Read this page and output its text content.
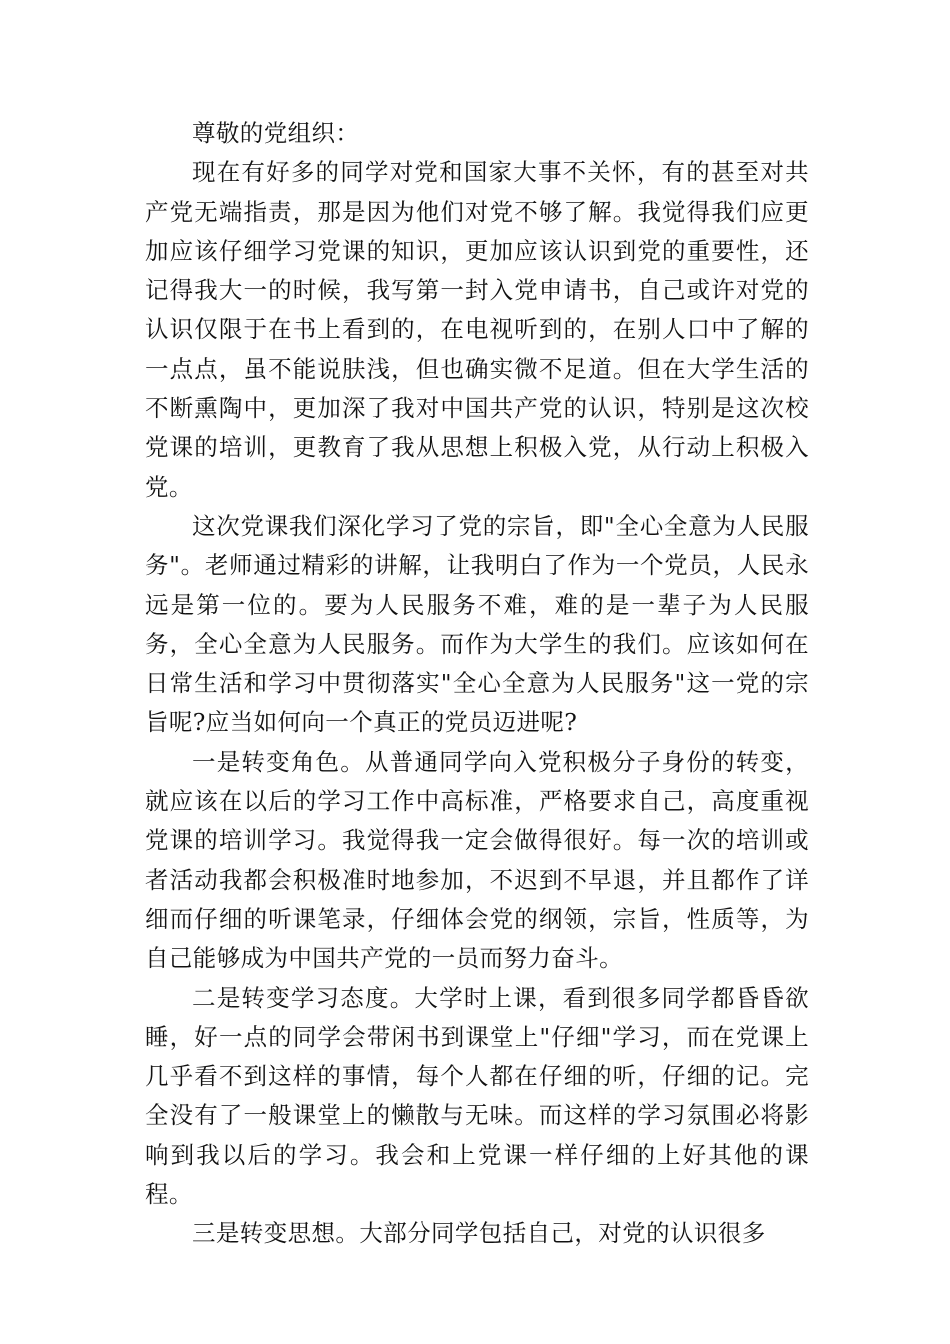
尊敬的党组织：

现在有好多的同学对党和国家大事不关怀，有的甚至对共产党无端指责，那是因为他们对党不够了解。我觉得我们应更加应该仔细学习党课的知识，更加应该认识到党的重要性，还记得我大一的时候，我写第一封入党申请书，自己或许对党的认识仅限于在书上看到的，在电视听到的，在别人口中了解的一点点，虽不能说肤浅，但也确实微不足道。但在大学生活的不断熏陶中，更加深了我对中国共产党的认识，特别是这次校党课的培训，更教育了我从思想上积极入党，从行动上积极入党。

这次党课我们深化学习了党的宗旨，即"全心全意为人民服务"。老师通过精彩的讲解，让我明白了作为一个党员，人民永远是第一位的。要为人民服务不难，难的是一辈子为人民服务，全心全意为人民服务。而作为大学生的我们。应该如何在日常生活和学习中贯彻落实"全心全意为人民服务"这一党的宗旨呢?应当如何向一个真正的党员迈进呢?

一是转变角色。从普通同学向入党积极分子身份的转变，就应该在以后的学习工作中高标准，严格要求自己，高度重视党课的培训学习。我觉得我一定会做得很好。每一次的培训或者活动我都会积极准时地参加，不迟到不早退，并且都作了详细而仔细的听课笔录，仔细体会党的纲领，宗旨，性质等，为自己能够成为中国共产党的一员而努力奋斗。

二是转变学习态度。大学时上课，看到很多同学都昏昏欲睡，好一点的同学会带闲书到课堂上"仔细"学习，而在党课上几乎看不到这样的事情，每个人都在仔细的听，仔细的记。完全没有了一般课堂上的懒散与无味。而这样的学习氛围必将影响到我以后的学习。我会和上党课一样仔细的上好其他的课程。

三是转变思想。大部分同学包括自己，对党的认识很多
